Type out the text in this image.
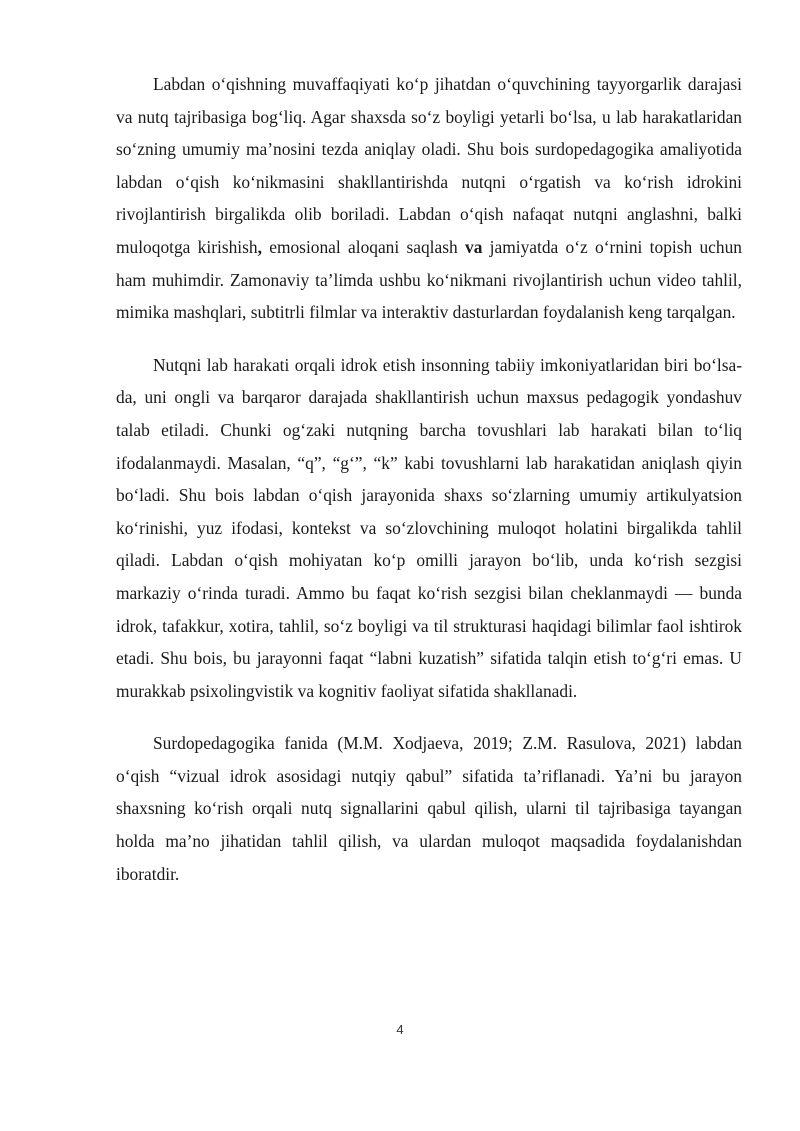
Labdan o‘qishning muvaffaqiyati ko‘p jihatdan o‘quvchining tayyorgarlik darajasi va nutq tajribasiga bog‘liq. Agar shaxsda so‘z boyligi yetarli bo‘lsa, u lab harakatlaridan so‘zning umumiy ma’nosini tezda aniqlay oladi. Shu bois surdopedagogika amaliyotida labdan o‘qish ko‘nikmasini shakllantirishda nutqni o‘rgatish va ko‘rish idrokini rivojlantirish birgalikda olib boriladi. Labdan o‘qish nafaqat nutqni anglashni, balki muloqotga kirishish, emosional aloqani saqlash va jamiyatda o‘z o‘rnini topish uchun ham muhimdir. Zamonaviy ta’limda ushbu ko‘nikmani rivojlantirish uchun video tahlil, mimika mashqlari, subtitrli filmlar va interaktiv dasturlardan foydalanish keng tarqalgan.

Nutqni lab harakati orqali idrok etish insonning tabiiy imkoniyatlaridan biri bo‘lsa-da, uni ongli va barqaror darajada shakllantirish uchun maxsus pedagogik yondashuv talab etiladi. Chunki og‘zaki nutqning barcha tovushlari lab harakati bilan to‘liq ifodalanmaydi. Masalan, “q”, “g‘”, “k” kabi tovushlarni lab harakatidan aniqlash qiyin bo‘ladi. Shu bois labdan o‘qish jarayonida shaxs so‘zlarning umumiy artikulyatsion ko‘rinishi, yuz ifodasi, kontekst va so‘zlovchining muloqot holatini birgalikda tahlil qiladi. Labdan o‘qish mohiyatan ko‘p omilli jarayon bo‘lib, unda ko‘rish sezgisi markaziy o‘rinda turadi. Ammo bu faqat ko‘rish sezgisi bilan cheklanmaydi — bunda idrok, tafakkur, xotira, tahlil, so‘z boyligi va til strukturasi haqidagi bilimlar faol ishtirok etadi. Shu bois, bu jarayonni faqat “labni kuzatish” sifatida talqin etish to‘g‘ri emas. U murakkab psixolingvistik va kognitiv faoliyat sifatida shakllanadi.

Surdopedagogika fanida (M.M. Xodjaeva, 2019; Z.M. Rasulova, 2021) labdan o‘qish “vizual idrok asosidagi nutqiy qabul” sifatida ta’riflanadi. Ya’ni bu jarayon shaxsning ko‘rish orqali nutq signallarini qabul qilish, ularni til tajribasiga tayangan holda ma’no jihatidan tahlil qilish, va ulardan muloqot maqsadida foydalanishdan iboratdir.

4
